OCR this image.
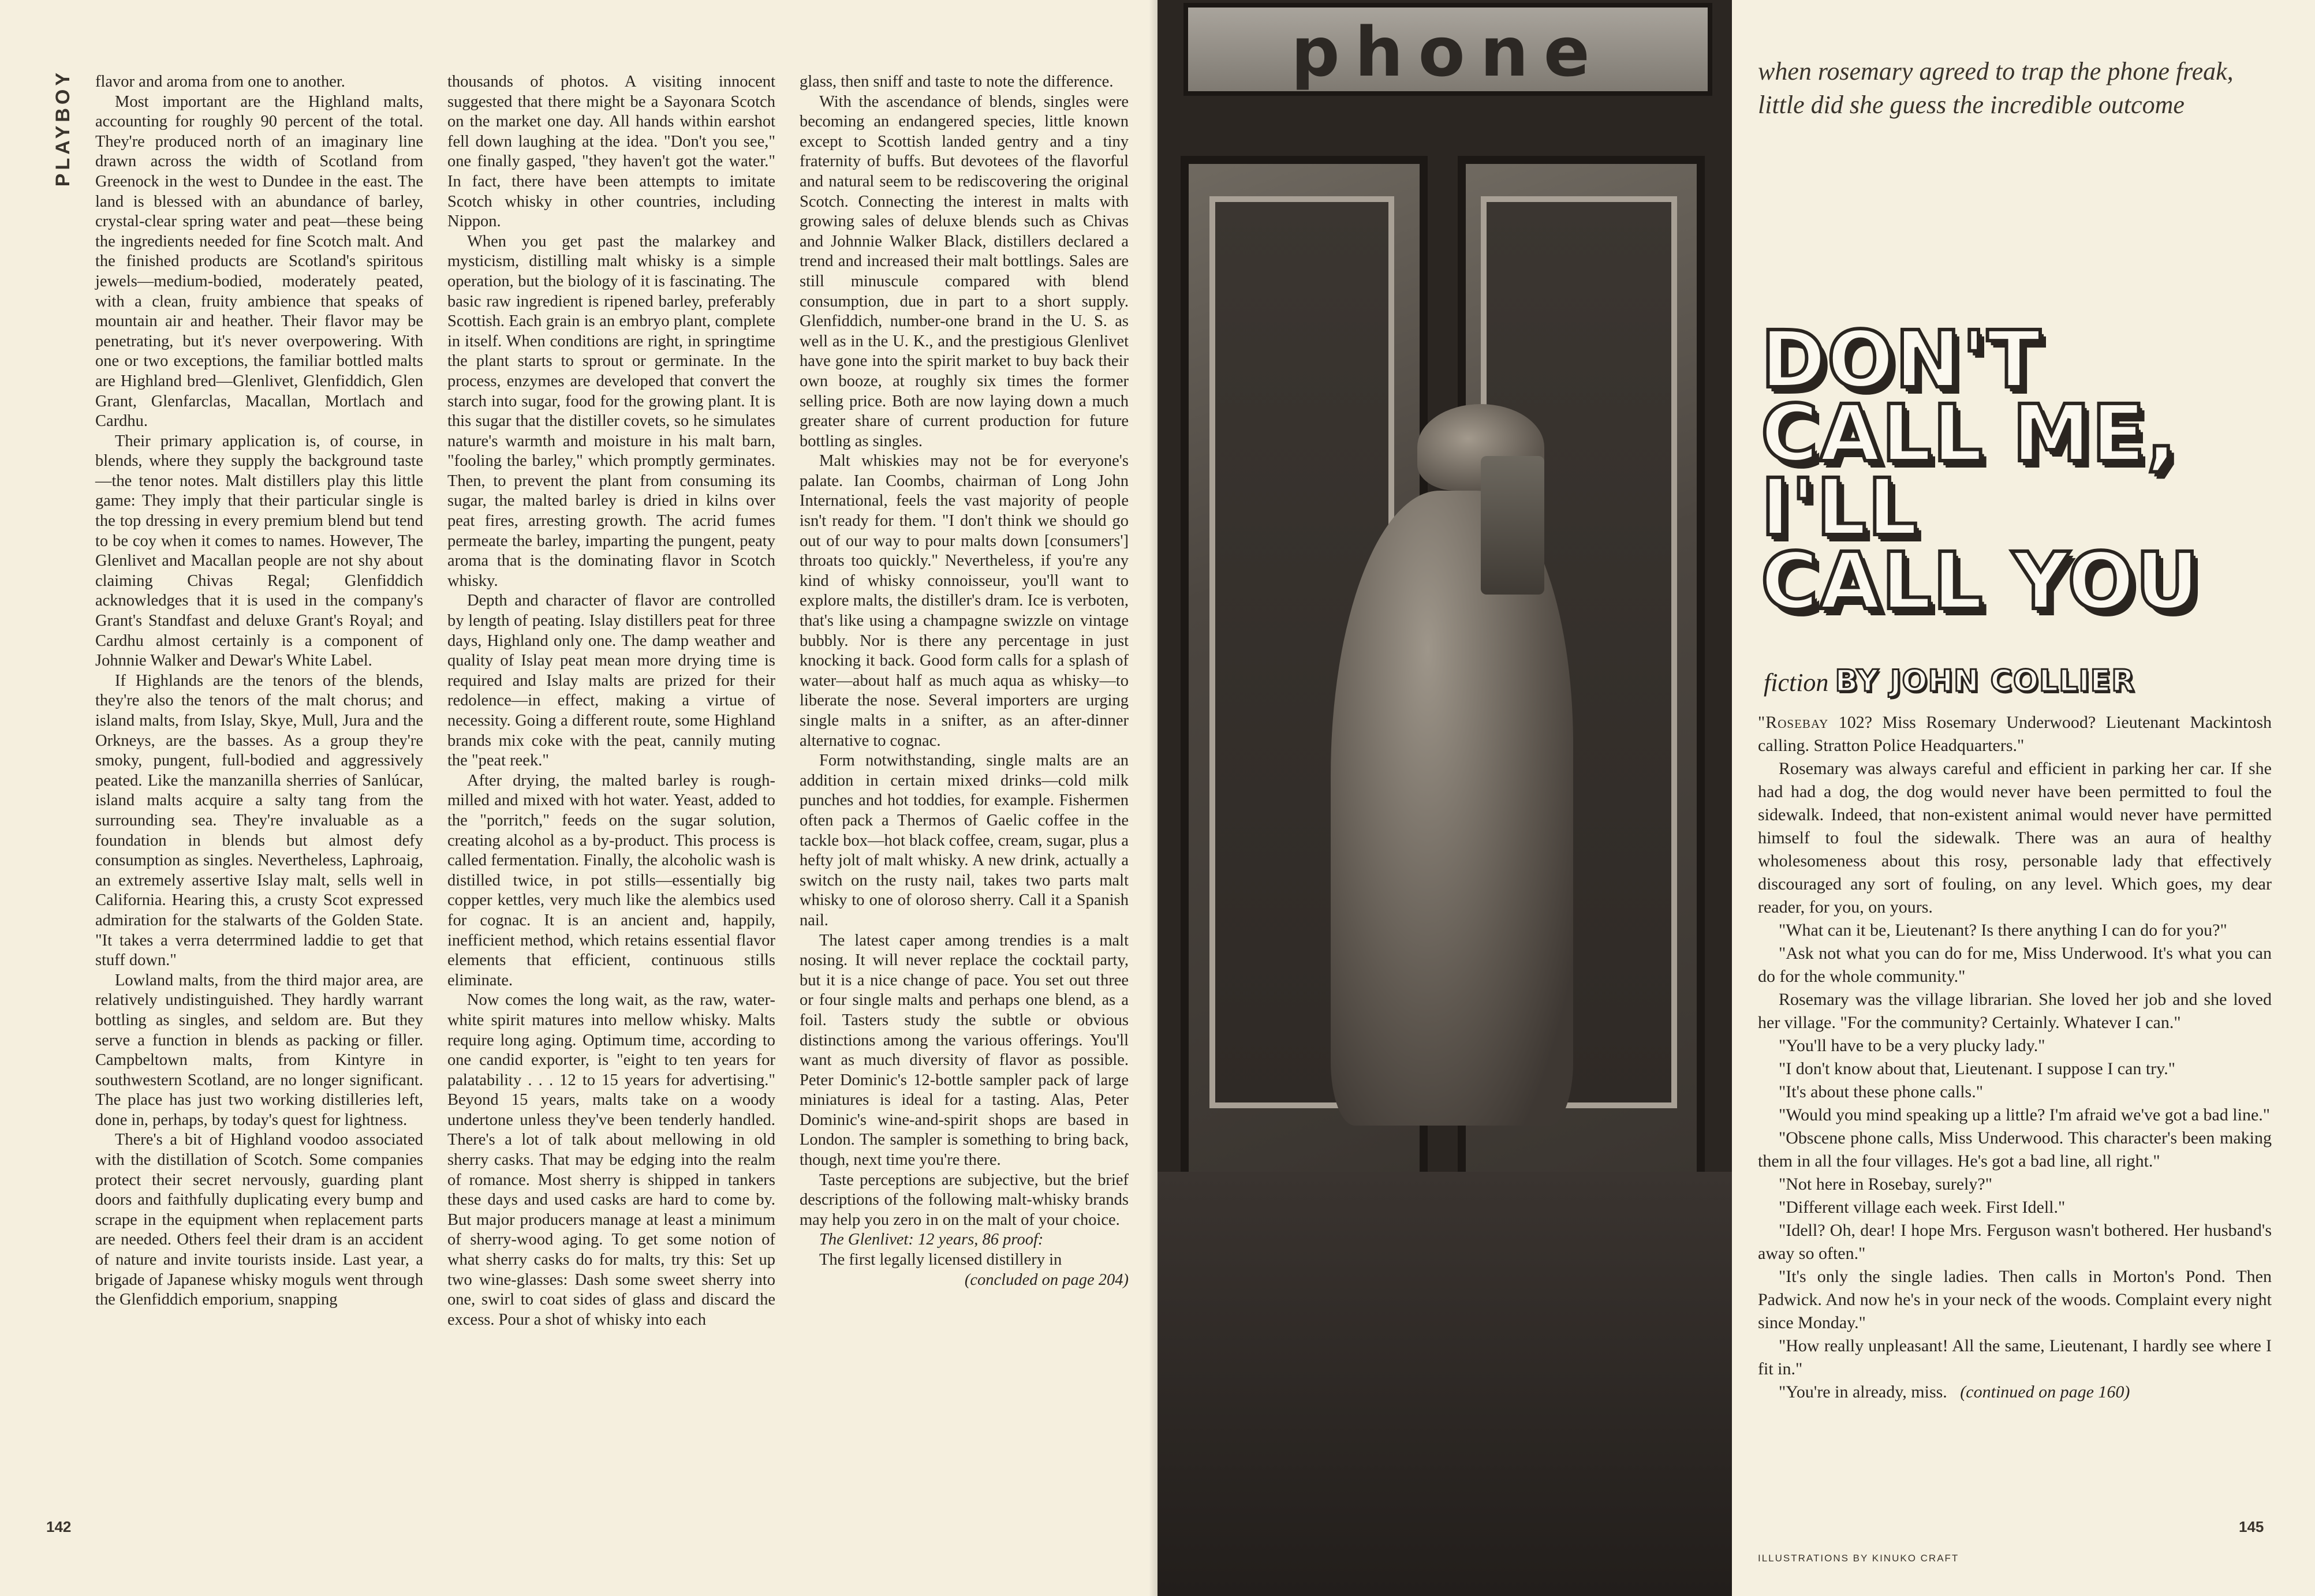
PLAYBOY flavor and aroma from one to another.

Most important are the Highland malts, accounting for roughly 90 percent of the total. They're produced north of an imaginary line drawn across the width of Scotland from Greenock in the west to Dundee in the east. The land is blessed with an abundance of barley, crystal-clear spring water and peat—these being the ingredients needed for fine Scotch malt. And the finished products are Scotland's spiritous jewels—medium-bodied, moderately peated, with a clean, fruity ambience that speaks of mountain air and heather. Their flavor may be penetrating, but it's never overpowering. With one or two exceptions, the familiar bottled malts are Highland bred—Glenlivet, Glenfiddich, Glen Grant, Glenfarclas, Macallan, Mortlach and Cardhu.

Their primary application is, of course, in blends, where they supply the background taste—the tenor notes. Malt distillers play this little game: They imply that their particular single is the top dressing in every premium blend but tend to be coy when it comes to names. However, The Glenlivet and Macallan people are not shy about claiming Chivas Regal; Glenfiddich acknowledges that it is used in the company's Grant's Standfast and deluxe Grant's Royal; and Cardhu almost certainly is a component of Johnnie Walker and Dewar's White Label.

If Highlands are the tenors of the blends, they're also the tenors of the malt chorus; and island malts, from Islay, Skye, Mull, Jura and the Orkneys, are the basses. As a group they're smoky, pungent, full-bodied and aggressively peated. Like the manzanilla sherries of Sanlúcar, island malts acquire a salty tang from the surrounding sea. They're invaluable as a foundation in blends but almost defy consumption as singles. Nevertheless, Laphroaig, an extremely assertive Islay malt, sells well in California. Hearing this, a crusty Scot expressed admiration for the stalwarts of the Golden State. "It takes a verra deterrmined laddie to get that stuff down."

Lowland malts, from the third major area, are relatively undistinguished. They hardly warrant bottling as singles, and seldom are. But they serve a function in blends as packing or filler. Campbeltown malts, from Kintyre in southwestern Scotland, are no longer significant. The place has just two working distilleries left, done in, perhaps, by today's quest for lightness.

There's a bit of Highland voodoo associated with the distillation of Scotch. Some companies protect their secret nervously, guarding plant doors and faithfully duplicating every bump and scrape in the equipment when replacement parts are needed. Others feel their dram is an accident of nature and invite tourists inside. Last year, a brigade of Japanese whisky moguls went through the Glenfiddich emporium, snapping

thousands of photos. A visiting innocent suggested that there might be a Sayonara Scotch on the market one day. All hands within earshot fell down laughing at the idea. "Don't you see," one finally gasped, "they haven't got the water." In fact, there have been attempts to imitate Scotch whisky in other countries, including Nippon.

When you get past the malarkey and mysticism, distilling malt whisky is a simple operation, but the biology of it is fascinating. The basic raw ingredient is ripened barley, preferably Scottish. Each grain is an embryo plant, complete in itself. When conditions are right, in springtime the plant starts to sprout or germinate. In the process, enzymes are developed that convert the starch into sugar, food for the growing plant. It is this sugar that the distiller covets, so he simulates nature's warmth and moisture in his malt barn, "fooling the barley," which promptly germinates. Then, to prevent the plant from consuming its sugar, the malted barley is dried in kilns over peat fires, arresting growth. The acrid fumes permeate the barley, imparting the pungent, peaty aroma that is the dominating flavor in Scotch whisky.

Depth and character of flavor are controlled by length of peating. Islay distillers peat for three days, Highland only one. The damp weather and quality of Islay peat mean more drying time is required and Islay malts are prized for their redolence—in effect, making a virtue of necessity. Going a different route, some Highland brands mix coke with the peat, cannily muting the "peat reek."

After drying, the malted barley is rough-milled and mixed with hot water. Yeast, added to the "porritch," feeds on the sugar solution, creating alcohol as a by-product. This process is called fermentation. Finally, the alcoholic wash is distilled twice, in pot stills—essentially big copper kettles, very much like the alembics used for cognac. It is an ancient and, happily, inefficient method, which retains essential flavor elements that efficient, continuous stills eliminate.

Now comes the long wait, as the raw, water-white spirit matures into mellow whisky. Malts require long aging. Optimum time, according to one candid exporter, is "eight to ten years for palatability . . . 12 to 15 years for advertising." Beyond 15 years, malts take on a woody undertone unless they've been tenderly handled. There's a lot of talk about mellowing in old sherry casks. That may be edging into the realm of romance. Most sherry is shipped in tankers these days and used casks are hard to come by. But major producers manage at least a minimum of sherry-wood aging. To get some notion of what sherry casks do for malts, try this: Set up two wine-glasses: Dash some sweet sherry into one, swirl to coat sides of glass and discard the excess. Pour a shot of whisky into each

glass, then sniff and taste to note the difference.

With the ascendance of blends, singles were becoming an endangered species, little known except to Scottish landed gentry and a tiny fraternity of buffs. But devotees of the flavorful and natural seem to be rediscovering the original Scotch. Connecting the interest in malts with growing sales of deluxe blends such as Chivas and Johnnie Walker Black, distillers declared a trend and increased their malt bottlings. Sales are still minuscule compared with blend consumption, due in part to a short supply. Glenfiddich, number-one brand in the U. S. as well as in the U. K., and the prestigious Glenlivet have gone into the spirit market to buy back their own booze, at roughly six times the former selling price. Both are now laying down a much greater share of current production for future bottling as singles.

Malt whiskies may not be for everyone's palate. Ian Coombs, chairman of Long John International, feels the vast majority of people isn't ready for them. "I don't think we should go out of our way to pour malts down [consumers'] throats too quickly." Nevertheless, if you're any kind of whisky connoisseur, you'll want to explore malts, the distiller's dram. Ice is verboten, that's like using a champagne swizzle on vintage bubbly. Nor is there any percentage in just knocking it back. Good form calls for a splash of water—about half as much aqua as whisky—to liberate the nose. Several importers are urging single malts in a snifter, as an after-dinner alternative to cognac.

Form notwithstanding, single malts are an addition in certain mixed drinks—cold milk punches and hot toddies, for example. Fishermen often pack a Thermos of Gaelic coffee in the tackle box—hot black coffee, cream, sugar, plus a hefty jolt of malt whisky. A new drink, actually a switch on the rusty nail, takes two parts malt whisky to one of oloroso sherry. Call it a Spanish nail.

The latest caper among trendies is a malt nosing. It will never replace the cocktail party, but it is a nice change of pace. You set out three or four single malts and perhaps one blend, as a foil. Tasters study the subtle or obvious distinctions among the various offerings. You'll want as much diversity of flavor as possible. Peter Dominic's 12-bottle sampler pack of large miniatures is ideal for a tasting. Alas, Peter Dominic's wine-and-spirit shops are based in London. The sampler is something to bring back, though, next time you're there.

Taste perceptions are subjective, but the brief descriptions of the following malt-whisky brands may help you zero in on the malt of your choice.

The Glenlivet: 12 years, 86 proof:

The first legally licensed distillery in

(concluded on page 204)

142
phone	when rosemary agreed to trap the phone freak, little did she guess the incredible outcome
DON'T
CALL ME,
I'LL
CALL YOU
fiction BY JOHN COLLIER

"Rosebay 102? Miss Rosemary Underwood? Lieutenant Mackintosh calling. Stratton Police Headquarters."

Rosemary was always careful and efficient in parking her car. If she had had a dog, the dog would never have been permitted to foul the sidewalk. Indeed, that non-existent animal would never have permitted himself to foul the sidewalk. There was an aura of healthy wholesomeness about this rosy, personable lady that effectively discouraged any sort of fouling, on any level. Which goes, my dear reader, for you, on yours.

"What can it be, Lieutenant? Is there anything I can do for you?"

"Ask not what you can do for me, Miss Underwood. It's what you can do for the whole community."

Rosemary was the village librarian. She loved her job and she loved her village. "For the community? Certainly. Whatever I can."

"You'll have to be a very plucky lady."

"I don't know about that, Lieutenant. I suppose I can try."

"It's about these phone calls."

"Would you mind speaking up a little? I'm afraid we've got a bad line."

"Obscene phone calls, Miss Underwood. This character's been making them in all the four villages. He's got a bad line, all right."

"Not here in Rosebay, surely?"

"Different village each week. First Idell."

"Idell? Oh, dear! I hope Mrs. Ferguson wasn't bothered. Her husband's away so often."

"It's only the single ladies. Then calls in Morton's Pond. Then Padwick. And now he's in your neck of the woods. Complaint every night since Monday."

"How really unpleasant! All the same, Lieutenant, I hardly see where I fit in."

"You're in already, miss. (continued on page 160)

145
ILLUSTRATIONS BY KINUKO CRAFT
